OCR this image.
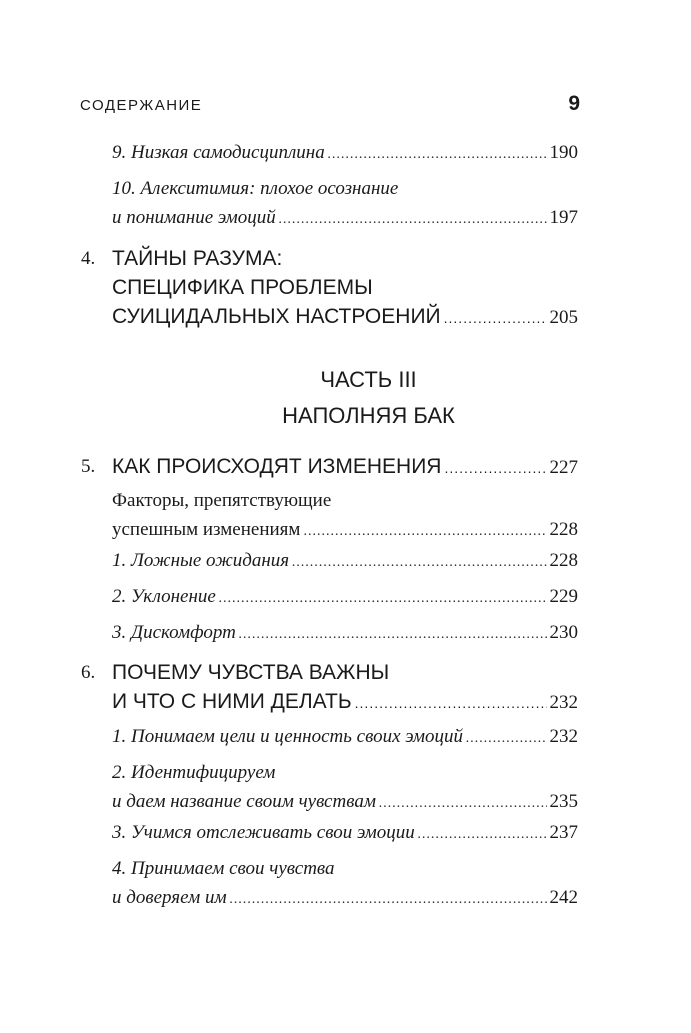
СОДЕРЖАНИЕ	9
9. Низкая самодисциплина .....	190
10. Алекситимия: плохое осознание
и понимание эмоций .....	197
4. ТАЙНЫ РАЗУМА:
СПЕЦИФИКА ПРОБЛЕМЫ
СУИЦИДАЛЬНЫХ НАСТРОЕНИЙ .....	205
ЧАСТЬ III
НАПОЛНЯЯ БАК
5. КАК ПРОИСХОДЯТ ИЗМЕНЕНИЯ .....	227
Факторы, препятствующие
успешным изменениям .....	228
1. Ложные ожидания .....	228
2. Уклонение .....	229
3. Дискомфорт .....	230
6. ПОЧЕМУ ЧУВСТВА ВАЖНЫ
И ЧТО С НИМИ ДЕЛАТЬ .....	232
1. Понимаем цели и ценность своих эмоций .....	232
2. Идентифицируем
и даем название своим чувствам .....	235
3. Учимся отслеживать свои эмоции .....	237
4. Принимаем свои чувства
и доверяем им .....	242
